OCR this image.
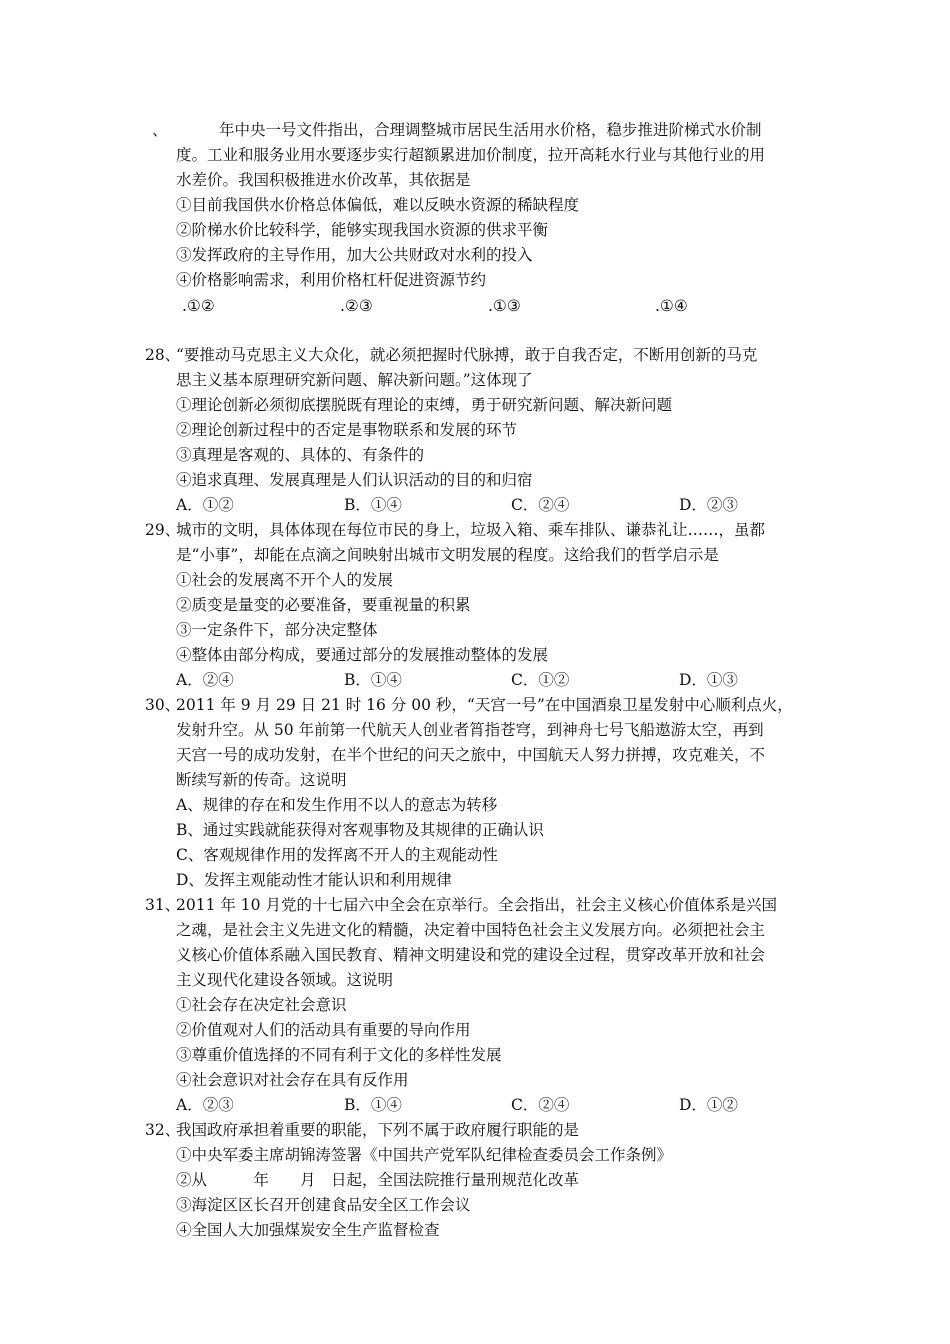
、 　　年中央一号文件指出，合理调整城市居民生活用水价格，稳步推进阶梯式水价制
度。工业和服务业用水要逐步实行超额累进加价制度，拉开高耗水行业与其他行业的用
水差价。我国积极推进水价改革，其依据是
①目前我国供水价格总体偏低，难以反映水资源的稀缺程度
②阶梯水价比较科学，能够实现我国水资源的供求平衡
③发挥政府的主导作用，加大公共财政对水利的投入
④价格影响需求，利用价格杠杆促进资源节约
.①②	.②③	.①③	.①④
28、
“要推动马克思主义大众化，就必须把握时代脉搏，敢于自我否定，不断用创新的马克
思主义基本原理研究新问题、解决新问题。”这体现了
①理论创新必须彻底摆脱既有理论的束缚，勇于研究新问题、解决新问题
②理论创新过程中的否定是事物联系和发展的环节
③真理是客观的、具体的、有条件的
④追求真理、发展真理是人们认识活动的目的和归宿
A．①②	B．①④	C．②④	D．②③
29、
城市的文明，具体体现在每位市民的身上，垃圾入箱、乘车排队、谦恭礼让……，虽都
是“小事”，却能在点滴之间映射出城市文明发展的程度。这给我们的哲学启示是
①社会的发展离不开个人的发展
②质变是量变的必要准备，要重视量的积累
③一定条件下，部分决定整体
④整体由部分构成，要通过部分的发展推动整体的发展
A．②④	B．①④	C．①②	D．①③
30、
2011 年 9 月 29 日 21 时 16 分 00 秒，“天宫一号”在中国酒泉卫星发射中心顺利点火，
发射升空。从 50 年前第一代航天人创业者筲指苍穹，到神舟七号飞船遨游太空，再到
天宫一号的成功发射，在半个世纪的问天之旅中，中国航天人努力拼搏，攻克难关，不
断续写新的传奇。这说明
A、规律的存在和发生作用不以人的意志为转移
B、通过实践就能获得对客观事物及其规律的正确认识
C、客观规律作用的发挥离不开人的主观能动性
D、发挥主观能动性才能认识和利用规律
31、
2011 年 10 月党的十七届六中全会在京举行。全会指出，社会主义核心价值体系是兴国
之魂，是社会主义先进文化的精髓，决定着中国特色社会主义发展方向。必须把社会主
义核心价值体系融入国民教育、精神文明建设和党的建设全过程，贯穿改革开放和社会
主义现代化建设各领域。这说明
①社会存在决定社会意识
②价值观对人们的活动具有重要的导向作用
③尊重价值选择的不同有利于文化的多样性发展
④社会意识对社会存在具有反作用
A．②③	B．①④	C．②④	D．①②
32、
我国政府承担着重要的职能，下列不属于政府履行职能的是
①中央军委主席胡锦涛签署《中国共产党军队纪律检查委员会工作条例》
②从　　　年　　月　日起，全国法院推行量刑规范化改革
③海淀区区长召开创建食品安全区工作会议
④全国人大加强煤炭安全生产监督检查
